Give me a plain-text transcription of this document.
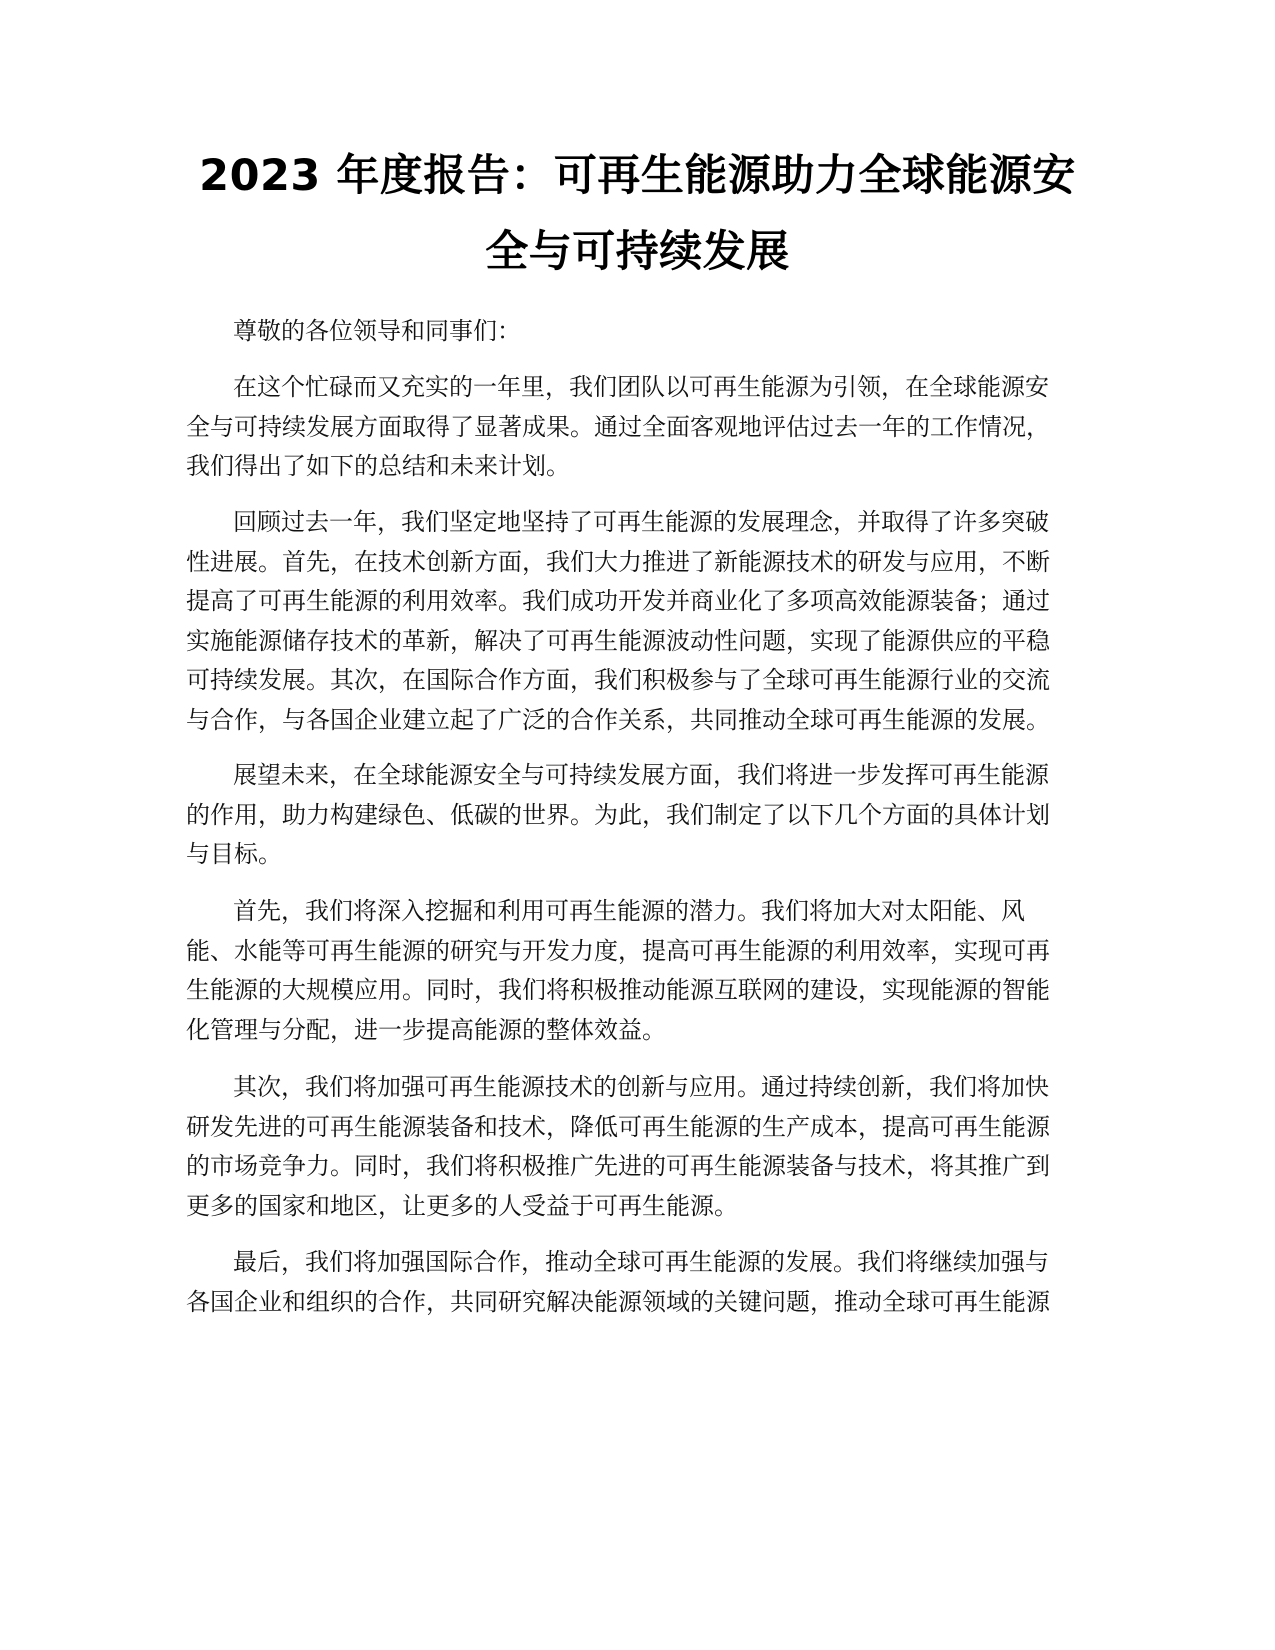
2023 年度报告：可再生能源助力全球能源安
全与可持续发展
尊敬的各位领导和同事们：
在这个忙碌而又充实的一年里，我们团队以可再生能源为引领，在全球能源安
全与可持续发展方面取得了显著成果。通过全面客观地评估过去一年的工作情况，
我们得出了如下的总结和未来计划。
回顾过去一年，我们坚定地坚持了可再生能源的发展理念，并取得了许多突破
性进展。首先，在技术创新方面，我们大力推进了新能源技术的研发与应用，不断
提高了可再生能源的利用效率。我们成功开发并商业化了多项高效能源装备；通过
实施能源储存技术的革新，解决了可再生能源波动性问题，实现了能源供应的平稳
可持续发展。其次，在国际合作方面，我们积极参与了全球可再生能源行业的交流
与合作，与各国企业建立起了广泛的合作关系，共同推动全球可再生能源的发展。
展望未来，在全球能源安全与可持续发展方面，我们将进一步发挥可再生能源
的作用，助力构建绿色、低碳的世界。为此，我们制定了以下几个方面的具体计划
与目标。
首先，我们将深入挖掘和利用可再生能源的潜力。我们将加大对太阳能、风
能、水能等可再生能源的研究与开发力度，提高可再生能源的利用效率，实现可再
生能源的大规模应用。同时，我们将积极推动能源互联网的建设，实现能源的智能
化管理与分配，进一步提高能源的整体效益。
其次，我们将加强可再生能源技术的创新与应用。通过持续创新，我们将加快
研发先进的可再生能源装备和技术，降低可再生能源的生产成本，提高可再生能源
的市场竞争力。同时，我们将积极推广先进的可再生能源装备与技术，将其推广到
更多的国家和地区，让更多的人受益于可再生能源。
最后，我们将加强国际合作，推动全球可再生能源的发展。我们将继续加强与
各国企业和组织的合作，共同研究解决能源领域的关键问题，推动全球可再生能源
